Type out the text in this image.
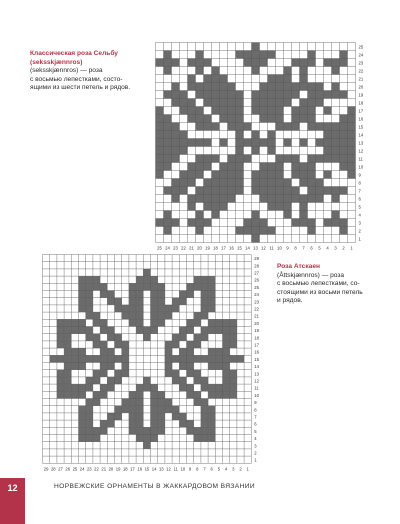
Классическая роза Сельбу
(seksskjænnros)
(seksskjænnros) — роза
с восьмью лепестками, состо-
ящими из шести петель и рядов.
25
24
23
22
21
20
19
18
17
16
15
14
13
12
11
10
9
8
7
6
5
4
3
2
1
25 24 23 22 21 20 19 18 17 16 15 14 13 12 11 10 9 8 7 6 5 4 3 2 1
Роза Атскаен
(Åttskjænnros) — роза
с восьмью лепестками, со-
стоящими из восьми петель
и рядов.
29
28
27
26
25
24
23
22
21
20
19
18
17
16
15
14
13
12
11
10
9
8
7
6
5
4
3
2
1
29 28 27 26 25 24 23 22 21 20 19 18 17 16 15 14 13 12 11 10 9 8 7 6 5 4 3 2 1
12	НОРВЕЖСКИЕ ОРНАМЕНТЫ В ЖАККАРДОВОМ ВЯЗАНИИ
